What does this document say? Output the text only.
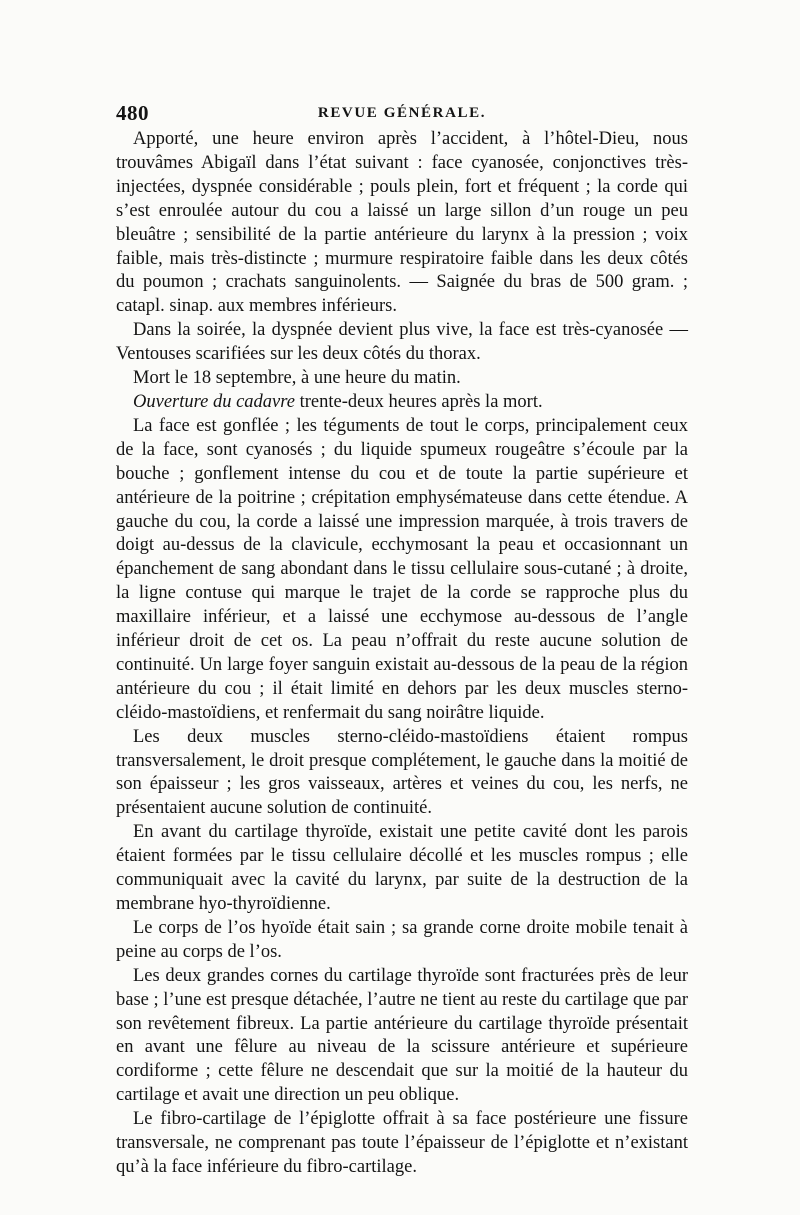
480	REVUE GÉNÉRALE.

Apporté, une heure environ après l’accident, à l’hôtel-Dieu, nous trouvâmes Abigaïl dans l’état suivant : face cyanosée, conjonctives très-injectées, dyspnée considérable ; pouls plein, fort et fréquent ; la corde qui s’est enroulée autour du cou a laissé un large sillon d’un rouge un peu bleuâtre ; sensibilité de la partie antérieure du larynx à la pression ; voix faible, mais très-distincte ; murmure respiratoire faible dans les deux côtés du poumon ; crachats sanguinolents. — Saignée du bras de 500 gram. ; catapl. sinap. aux membres inférieurs.

Dans la soirée, la dyspnée devient plus vive, la face est très-cyanosée — Ventouses scarifiées sur les deux côtés du thorax.

Mort le 18 septembre, à une heure du matin.

Ouverture du cadavre trente-deux heures après la mort.

La face est gonflée ; les téguments de tout le corps, principalement ceux de la face, sont cyanosés ; du liquide spumeux rougeâtre s’écoule par la bouche ; gonflement intense du cou et de toute la partie supérieure et antérieure de la poitrine ; crépitation emphysémateuse dans cette étendue. A gauche du cou, la corde a laissé une impression marquée, à trois travers de doigt au-dessus de la clavicule, ecchymosant la peau et occasionnant un épanchement de sang abondant dans le tissu cellulaire sous-cutané ; à droite, la ligne contuse qui marque le trajet de la corde se rapproche plus du maxillaire inférieur, et a laissé une ecchymose au-dessous de l’angle inférieur droit de cet os. La peau n’offrait du reste aucune solution de continuité. Un large foyer sanguin existait au-dessous de la peau de la région antérieure du cou ; il était limité en dehors par les deux muscles sterno-cléido-mastoïdiens, et renfermait du sang noirâtre liquide.

Les deux muscles sterno-cléido-mastoïdiens étaient rompus transversalement, le droit presque complétement, le gauche dans la moitié de son épaisseur ; les gros vaisseaux, artères et veines du cou, les nerfs, ne présentaient aucune solution de continuité.

En avant du cartilage thyroïde, existait une petite cavité dont les parois étaient formées par le tissu cellulaire décollé et les muscles rompus ; elle communiquait avec la cavité du larynx, par suite de la destruction de la membrane hyo-thyroïdienne.

Le corps de l’os hyoïde était sain ; sa grande corne droite mobile tenait à peine au corps de l’os.

Les deux grandes cornes du cartilage thyroïde sont fracturées près de leur base ; l’une est presque détachée, l’autre ne tient au reste du cartilage que par son revêtement fibreux. La partie antérieure du cartilage thyroïde présentait en avant une fêlure au niveau de la scissure antérieure et supérieure cordiforme ; cette fêlure ne descendait que sur la moitié de la hauteur du cartilage et avait une direction un peu oblique.

Le fibro-cartilage de l’épiglotte offrait à sa face postérieure une fissure transversale, ne comprenant pas toute l’épaisseur de l’épiglotte et n’existant qu’à la face inférieure du fibro-cartilage.
